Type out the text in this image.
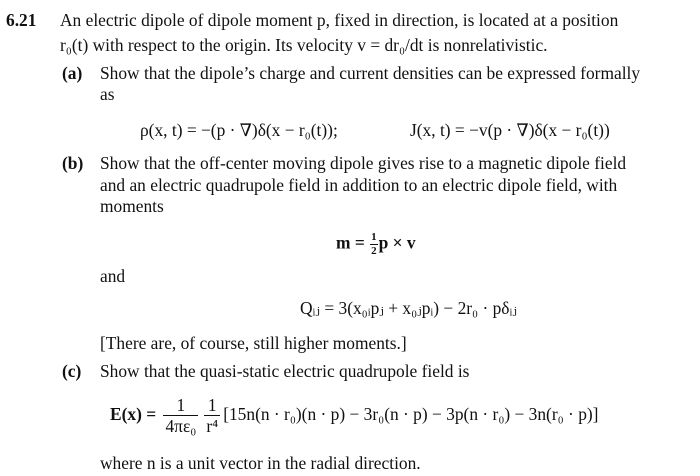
6.21 An electric dipole of dipole moment p, fixed in direction, is located at a position
r₀(t) with respect to the origin. Its velocity v = dr₀/dt is nonrelativistic.
(a) Show that the dipole’s charge and current densities can be expressed formally
as
ρ(x, t) = −(p · ∇)δ(x − r₀(t));	J(x, t) = −v(p · ∇)δ(x − r₀(t))
(b) Show that the off-center moving dipole gives rise to a magnetic dipole field
and an electric quadrupole field in addition to an electric dipole field, with
moments
$m = \frac{1}{2}$ p × v
and
Qᵢⱼ = 3(x₀ᵢpⱼ + x₀ⱼpᵢ) − 2r₀ · pδᵢⱼ
[There are, of course, still higher moments.]
(c) Show that the quasi-static electric quadrupole field is
$E(x) = \frac{1}{\text{4πε₀}} \frac{1}{\text{r⁴}} [15n(n \cdot r_0)(n \cdot p) - 3r_0(n \cdot p) - 3p(n \cdot r_0) - 3n(r_0 \cdot p)]$
where n is a unit vector in the radial direction.
